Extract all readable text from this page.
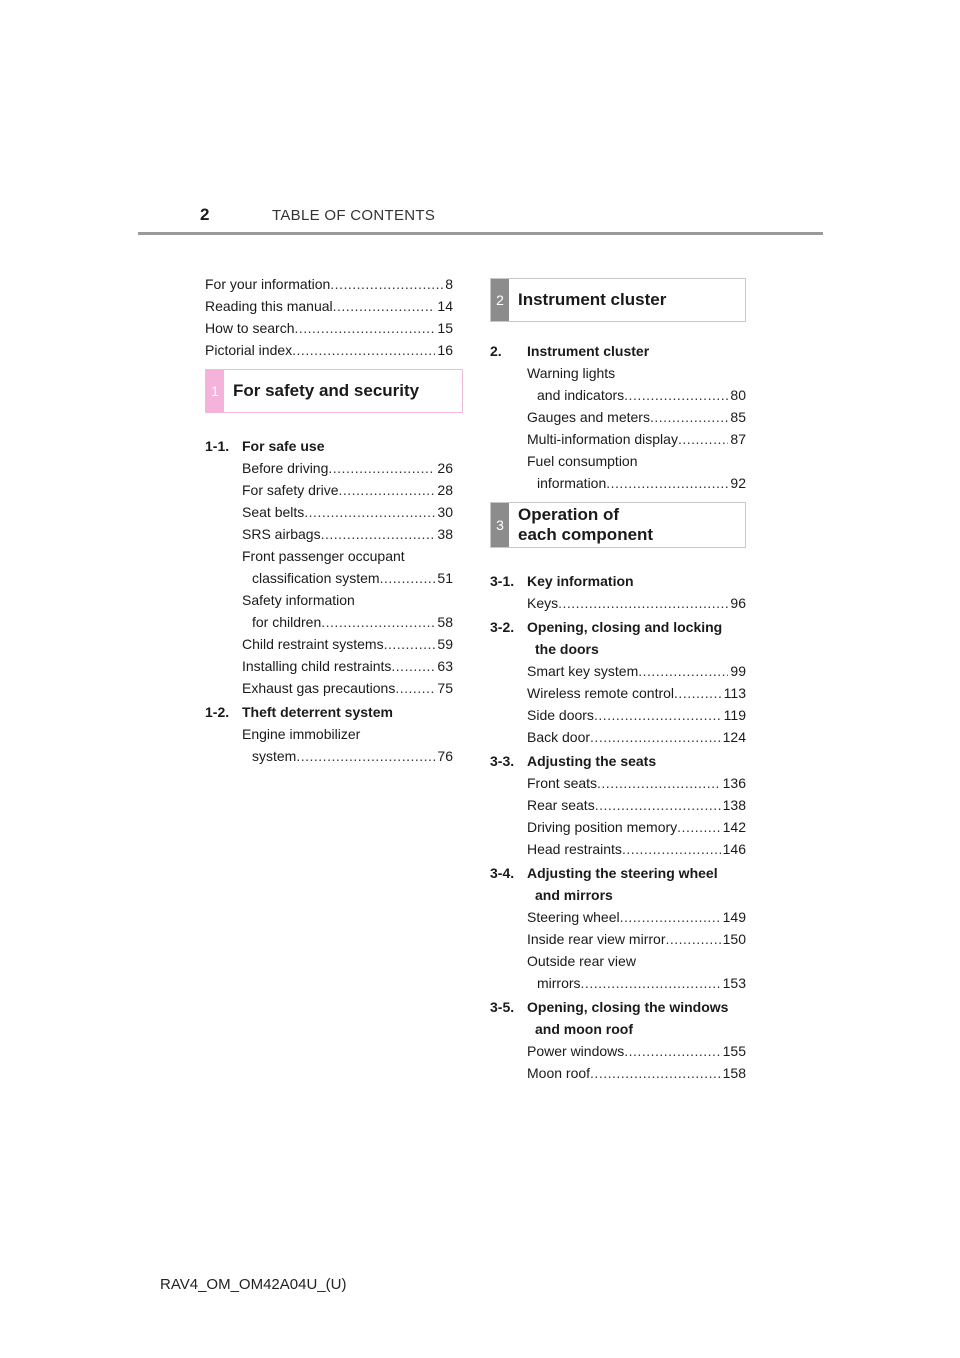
2	TABLE OF CONTENTS
For your information .....	8
Reading this manual .....	14
How to search .....	15
Pictorial index .....	16
1 For safety and security
1-1. For safe use
Before driving .....	26
For safety drive .....	28
Seat belts .....	30
SRS airbags .....	38
Front passenger occupant
classification system .....	51
Safety information
for children .....	58
Child restraint systems .....	59
Installing child restraints .....	63
Exhaust gas precautions .....	75
1-2. Theft deterrent system
Engine immobilizer
system .....	76
2 Instrument cluster
2.	Instrument cluster
Warning lights
and indicators .....	80
Gauges and meters .....	85
Multi-information display .....	87
Fuel consumption
information .....	92
3
Operation of
each component
3-1. Key information
Keys .....	96
3-2. Opening, closing and locking
the doors
Smart key system .....	99
Wireless remote control .....	113
Side doors .....	119
Back door .....	124
3-3. Adjusting the seats
Front seats .....	136
Rear seats .....	138
Driving position memory .....	142
Head restraints .....	146
3-4. Adjusting the steering wheel
and mirrors
Steering wheel .....	149
Inside rear view mirror .....	150
Outside rear view
mirrors .....	153
3-5. Opening, closing the windows
and moon roof
Power windows .....	155
Moon roof .....	158
RAV4_OM_OM42A04U_(U)
